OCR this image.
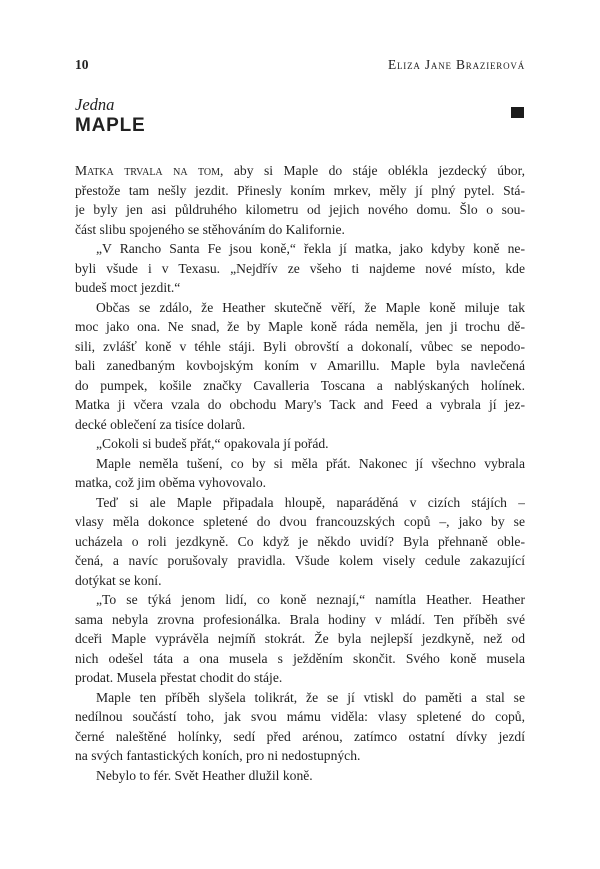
10	Eliza Jane Brazierová
Jedna
MAPLE
Matka trvala na tom, aby si Maple do stáje oblékla jezdecký úbor,
přestože tam nešly jezdit. Přinesly koním mrkev, měly jí plný pytel. Stá-
je byly jen asi půldruhého kilometru od jejich nového domu. Šlo o sou-
část slibu spojeného se stěhováním do Kalifornie.
„V Rancho Santa Fe jsou koně,“ řekla jí matka, jako kdyby koně ne-
byli všude i v Texasu. „Nejdřív ze všeho ti najdeme nové místo, kde
budeš moct jezdit.“
Občas se zdálo, že Heather skutečně věří, že Maple koně miluje tak
moc jako ona. Ne snad, že by Maple koně ráda neměla, jen ji trochu dě-
sili, zvlášť koně v téhle stáji. Byli obrovští a dokonalí, vůbec se nepodo-
bali zanedbaným kovbojským koním v Amarillu. Maple byla navlečená
do pumpek, košile značky Cavalleria Toscana a nablýskaných holínek.
Matka ji včera vzala do obchodu Mary's Tack and Feed a vybrala jí jez-
decké oblečení za tisíce dolarů.
„Cokoli si budeš přát,“ opakovala jí pořád.
Maple neměla tušení, co by si měla přát. Nakonec jí všechno vybrala
matka, což jim oběma vyhovovalo.
Teď si ale Maple připadala hloupě, naparáděná v cizích stájích –
vlasy měla dokonce spletené do dvou francouzských copů –, jako by se
ucházela o roli jezdkyně. Co když je někdo uvidí? Byla přehnaně oble-
čená, a navíc porušovaly pravidla. Všude kolem visely cedule zakazující
dotýkat se koní.
„To se týká jenom lidí, co koně neznají,“ namítla Heather. Heather
sama nebyla zrovna profesionálka. Brala hodiny v mládí. Ten příběh své
dceři Maple vyprávěla nejmíň stokrát. Že byla nejlepší jezdkyně, než od
nich odešel táta a ona musela s ježděním skončit. Svého koně musela
prodat. Musela přestat chodit do stáje.
Maple ten příběh slyšela tolikrát, že se jí vtiskl do paměti a stal se
nedílnou součástí toho, jak svou mámu viděla: vlasy spletené do copů,
černé naleštěné holínky, sedí před arénou, zatímco ostatní dívky jezdí
na svých fantastických koních, pro ni nedostupných.
Nebylo to fér. Svět Heather dlužil koně.
